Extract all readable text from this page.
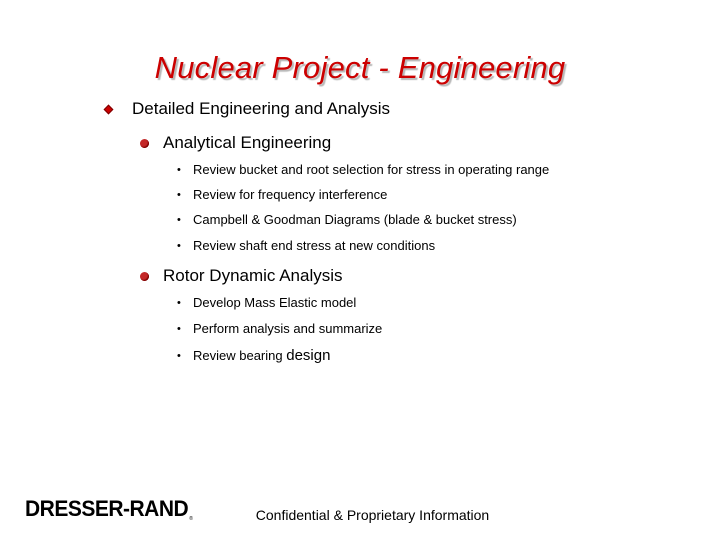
Nuclear Project - Engineering
Detailed Engineering and Analysis
Analytical Engineering
• Review bucket and root selection for stress in operating range
• Review for frequency interference
• Campbell & Goodman Diagrams (blade & bucket stress)
• Review shaft end stress at new conditions
Rotor Dynamic Analysis
• Develop Mass Elastic model
• Perform analysis and summarize
• Review bearing
design
DRESSER-RAND®	Confidential & Proprietary Information
